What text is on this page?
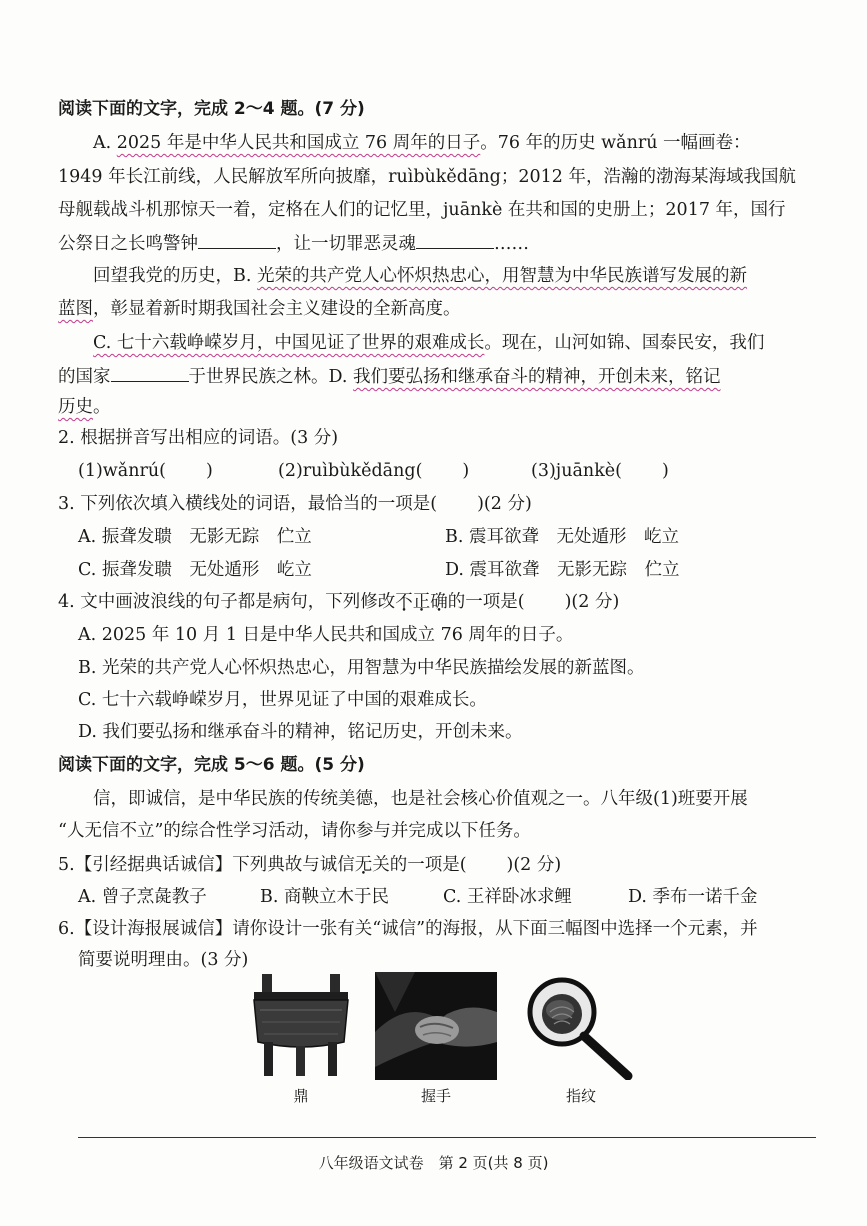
阅读下面的文字，完成 2～4 题。(7 分)
A. 2025 年是中华人民共和国成立 76 周年的日子。76 年的历史 wǎnrú 一幅画卷：
1949 年长江前线，人民解放军所向披靡，ruìbùkědāng；2012 年，浩瀚的渤海某海域我国航
母舰载战斗机那惊天一着，定格在人们的记忆里，juānkè 在共和国的史册上；2017 年，国行
公祭日之长鸣警钟	，让一切罪恶灵魂	……
回望我党的历史，B. 光荣的共产党人心怀炽热忠心，用智慧为中华民族谱写发展的新
蓝图，彰显着新时期我国社会主义建设的全新高度。
C. 七十六载峥嵘岁月，中国见证了世界的艰难成长。现在，山河如锦、国泰民安，我们
的国家	于世界民族之林。D. 我们要弘扬和继承奋斗的精神，开创未来，铭记
历史。
2. 根据拼音写出相应的词语。(3 分)
(1)wǎnrú( )	(2)ruìbùkědāng( )	(3)juānkè( )
3. 下列依次填入横线处的词语，最恰当的一项是( )(2 分)
A. 振聋发聩　无影无踪　伫立	B. 震耳欲聋　无处遁形　屹立
C. 振聋发聩　无处遁形　屹立	D. 震耳欲聋　无影无踪　伫立
4. 文中画波浪线的句子都是病句，下列修改不正确的一项是( )(2 分)
A. 2025 年 10 月 1 日是中华人民共和国成立 76 周年的日子。
B. 光荣的共产党人心怀炽热忠心，用智慧为中华民族描绘发展的新蓝图。
C. 七十六载峥嵘岁月，世界见证了中国的艰难成长。
D. 我们要弘扬和继承奋斗的精神，铭记历史，开创未来。
阅读下面的文字，完成 5～6 题。(5 分)
信，即诚信，是中华民族的传统美德，也是社会核心价值观之一。八年级(1)班要开展
“人无信不立”的综合性学习活动，请你参与并完成以下任务。
5.【引经据典话诚信】下列典故与诚信无关的一项是( )(2 分)
A. 曾子烹彘教子	B. 商鞅立木于民	C. 王祥卧冰求鲤	D. 季布一诺千金
6.【设计海报展诚信】请你设计一张有关“诚信”的海报，从下面三幅图中选择一个元素，并
简要说明理由。(3 分)
鼎	握手	指纹
八年级语文试卷　第 2 页(共 8 页)
